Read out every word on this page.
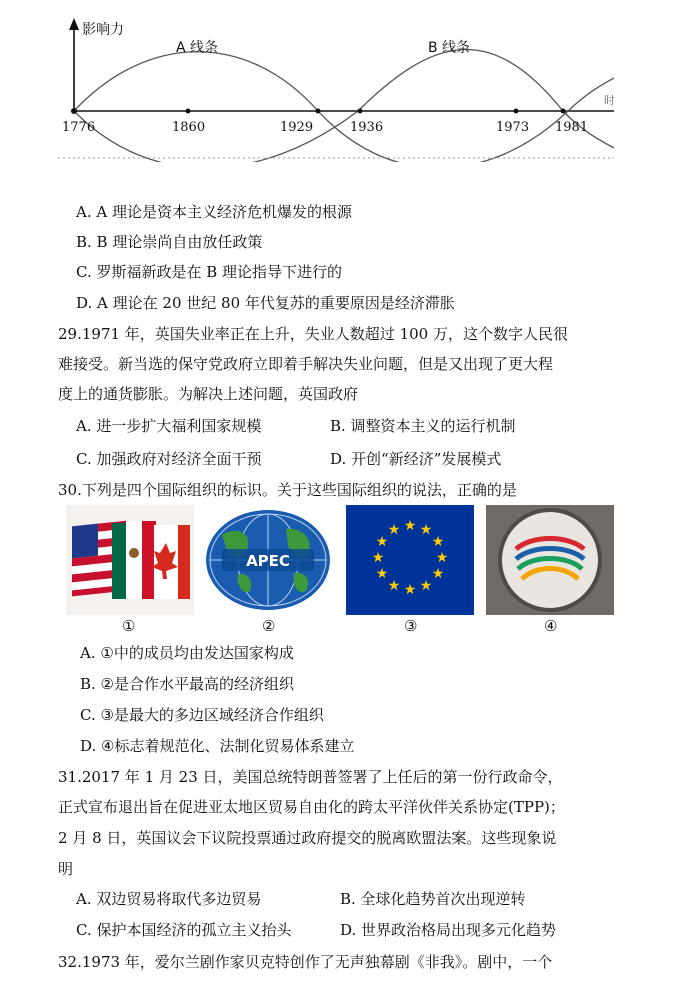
影响力
A 线条	B 线条
时
1776	1860	1929	1936	1973 1981
A. A 理论是资本主义经济危机爆发的根源
B. B 理论崇尚自由放任政策
C. 罗斯福新政是在 B 理论指导下进行的
D. A 理论在 20 世纪 80 年代复苏的重要原因是经济滞胀
29.1971 年，英国失业率正在上升，失业人数超过 100 万，这个数字人民很
难接受。新当选的保守党政府立即着手解决失业问题，但是又出现了更大程
度上的通货膨胀。为解决上述问题，英国政府
A. 进一步扩大福利国家规模	B. 调整资本主义的运行机制
C. 加强政府对经济全面干预	D. 开创“新经济”发展模式
30.下列是四个国际组织的标识。关于这些国际组织的说法，正确的是
APEC
★ ★
★
★
★
★
★
★
★
★
★
★
①	②	③	④
A. ①中的成员均由发达国家构成
B. ②是合作水平最高的经济组织
C. ③是最大的多边区域经济合作组织
D. ④标志着规范化、法制化贸易体系建立
31.2017 年 1 月 23 日，美国总统特朗普签署了上任后的第一份行政命令，
正式宣布退出旨在促进亚太地区贸易自由化的跨太平洋伙伴关系协定(TPP)；
2 月 8 日，英国议会下议院投票通过政府提交的脱离欧盟法案。这些现象说
明
A. 双边贸易将取代多边贸易	B. 全球化趋势首次出现逆转
C. 保护本国经济的孤立主义抬头	D. 世界政治格局出现多元化趋势
32.1973 年，爱尔兰剧作家贝克特创作了无声独幕剧《非我》。剧中，一个
